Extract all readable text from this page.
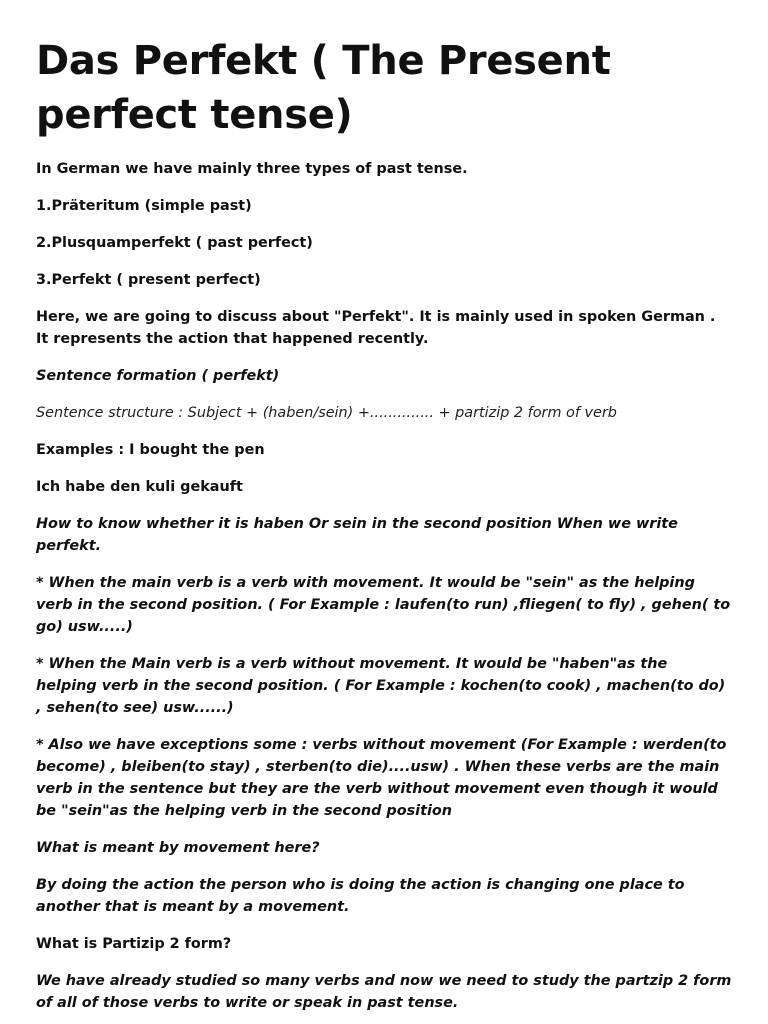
Das Perfekt ( The Present perfect tense)

In German we have mainly three types of past tense.

1.Präteritum (simple past)

2.Plusquamperfekt ( past perfect)

3.Perfekt ( present perfect)

Here, we are going to discuss about "Perfekt". It is mainly used in spoken German . It represents the action that happened recently.

Sentence formation ( perfekt)

Sentence structure : Subject + (haben/sein) +.............. + partizip 2 form of verb

Examples : I bought the pen

Ich habe den kuli gekauft

How to know whether it is haben Or sein in the second position When we write perfekt.

* When the main verb is a verb with movement. It would be "sein" as the helping verb in the second position. ( For Example : laufen(to run) ,fliegen( to fly) , gehen( to go) usw.....)

* When the Main verb is a verb without movement. It would be "haben"as the helping verb in the second position. ( For Example : kochen(to cook) , machen(to do) , sehen(to see) usw......)

* Also we have exceptions some : verbs without movement (For Example : werden(to become) , bleiben(to stay) , sterben(to die)....usw) . When these verbs are the main verb in the sentence but they are the verb without movement even though it would be "sein"as the helping verb in the second position

What is meant by movement here?

By doing the action the person who is doing the action is changing one place to another that is meant by a movement.

What is Partizip 2 form?

We have already studied so many verbs and now we need to study the partzip 2 form of all of those verbs to write or speak in past tense.
